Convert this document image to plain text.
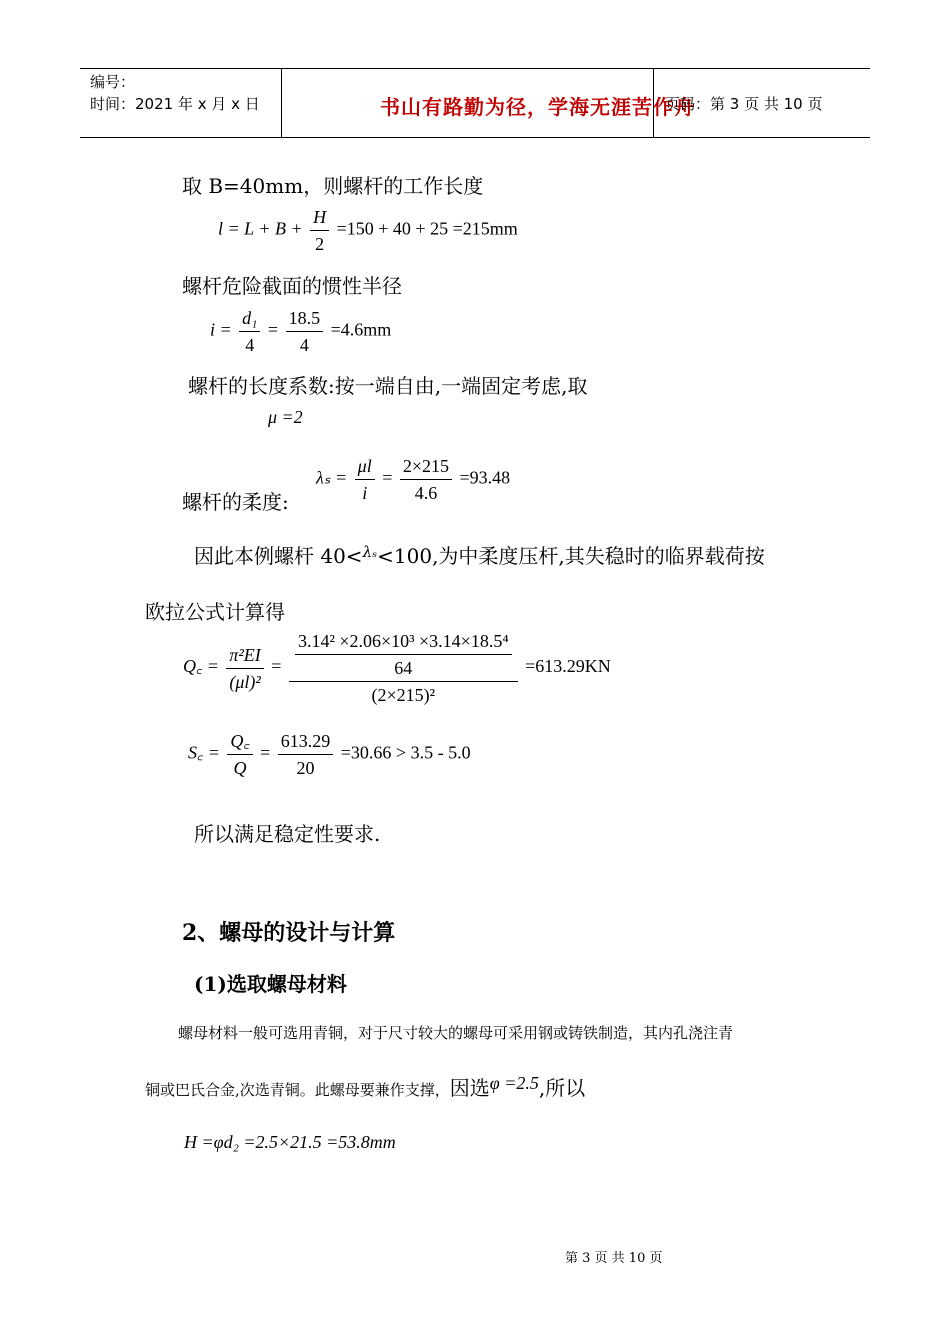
编号：
时间：2021 年 x 月 x 日	书山有路勤为径，学海无涯苦作舟
页码：第 3 页 共 10 页
取 B=40mm，则螺杆的工作长度
$l = L + B + \frac{H}{2} =150 + 40 + 25 =215mm$
螺杆危险截面的惯性半径
$i = \frac{\text{d₁}}{4} = \frac{18.5}{4} =4.6mm$
螺杆的长度系数:按一端自由,一端固定考虑,取
μ =2
螺杆的柔度:
$\lambda_s = \frac{\mu l}{i} = \frac{2\times 215}{4.6} =93.48$
因此本例螺杆 40<$^{\lambda_s}$<100,为中柔度压杆,其失稳时的临界载荷按
欧拉公式计算得
Q꜀ = $\frac{\text{π²EI}}{\text{(μl)²}} = \frac{\frac{\text{3.14² ×2.06×10³ ×3.14×18.5⁴}}{64}}{\text{(2×215)²}} =613.29KN$
S꜀ = $\frac{Q꜀}{Q} = \frac{613.29}{20} =30.66 > 3.5 - 5.0$
所以满足稳定性要求.
2、螺母的设计与计算
(1)选取螺母材料
螺母材料一般可选用青铜，对于尺寸较大的螺母可采用钢或铸铁制造，其内孔浇注青
铜或巴氏合金,次选青铜。此螺母要兼作支撑，因选φ =2.5,所以
H =φd₂ =2.5×21.5 =53.8mm
第 3 页 共 10 页
